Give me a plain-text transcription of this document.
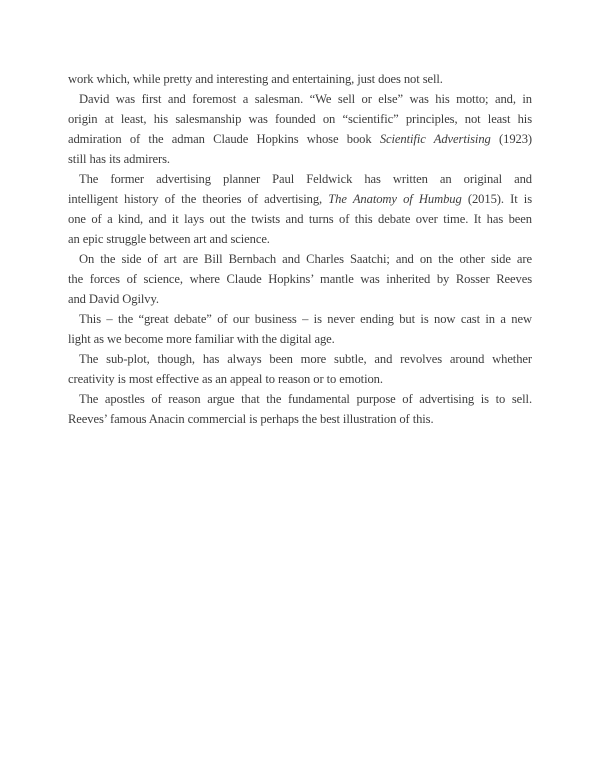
work which, while pretty and interesting and entertaining, just does not sell.
David was first and foremost a salesman. “We sell or else” was his motto; and, in
origin at least, his salesmanship was founded on “scientific” principles, not least his
admiration of the adman Claude Hopkins whose book Scientific Advertising (1923)
still has its admirers.
The former advertising planner Paul Feldwick has written an original and
intelligent history of the theories of advertising, The Anatomy of Humbug (2015). It is
one of a kind, and it lays out the twists and turns of this debate over time. It has been
an epic struggle between art and science.
On the side of art are Bill Bernbach and Charles Saatchi; and on the other side are
the forces of science, where Claude Hopkins’ mantle was inherited by Rosser Reeves
and David Ogilvy.
This – the “great debate” of our business – is never ending but is now cast in a new
light as we become more familiar with the digital age.
The sub-plot, though, has always been more subtle, and revolves around whether
creativity is most effective as an appeal to reason or to emotion.
The apostles of reason argue that the fundamental purpose of advertising is to sell.
Reeves’ famous Anacin commercial is perhaps the best illustration of this.
